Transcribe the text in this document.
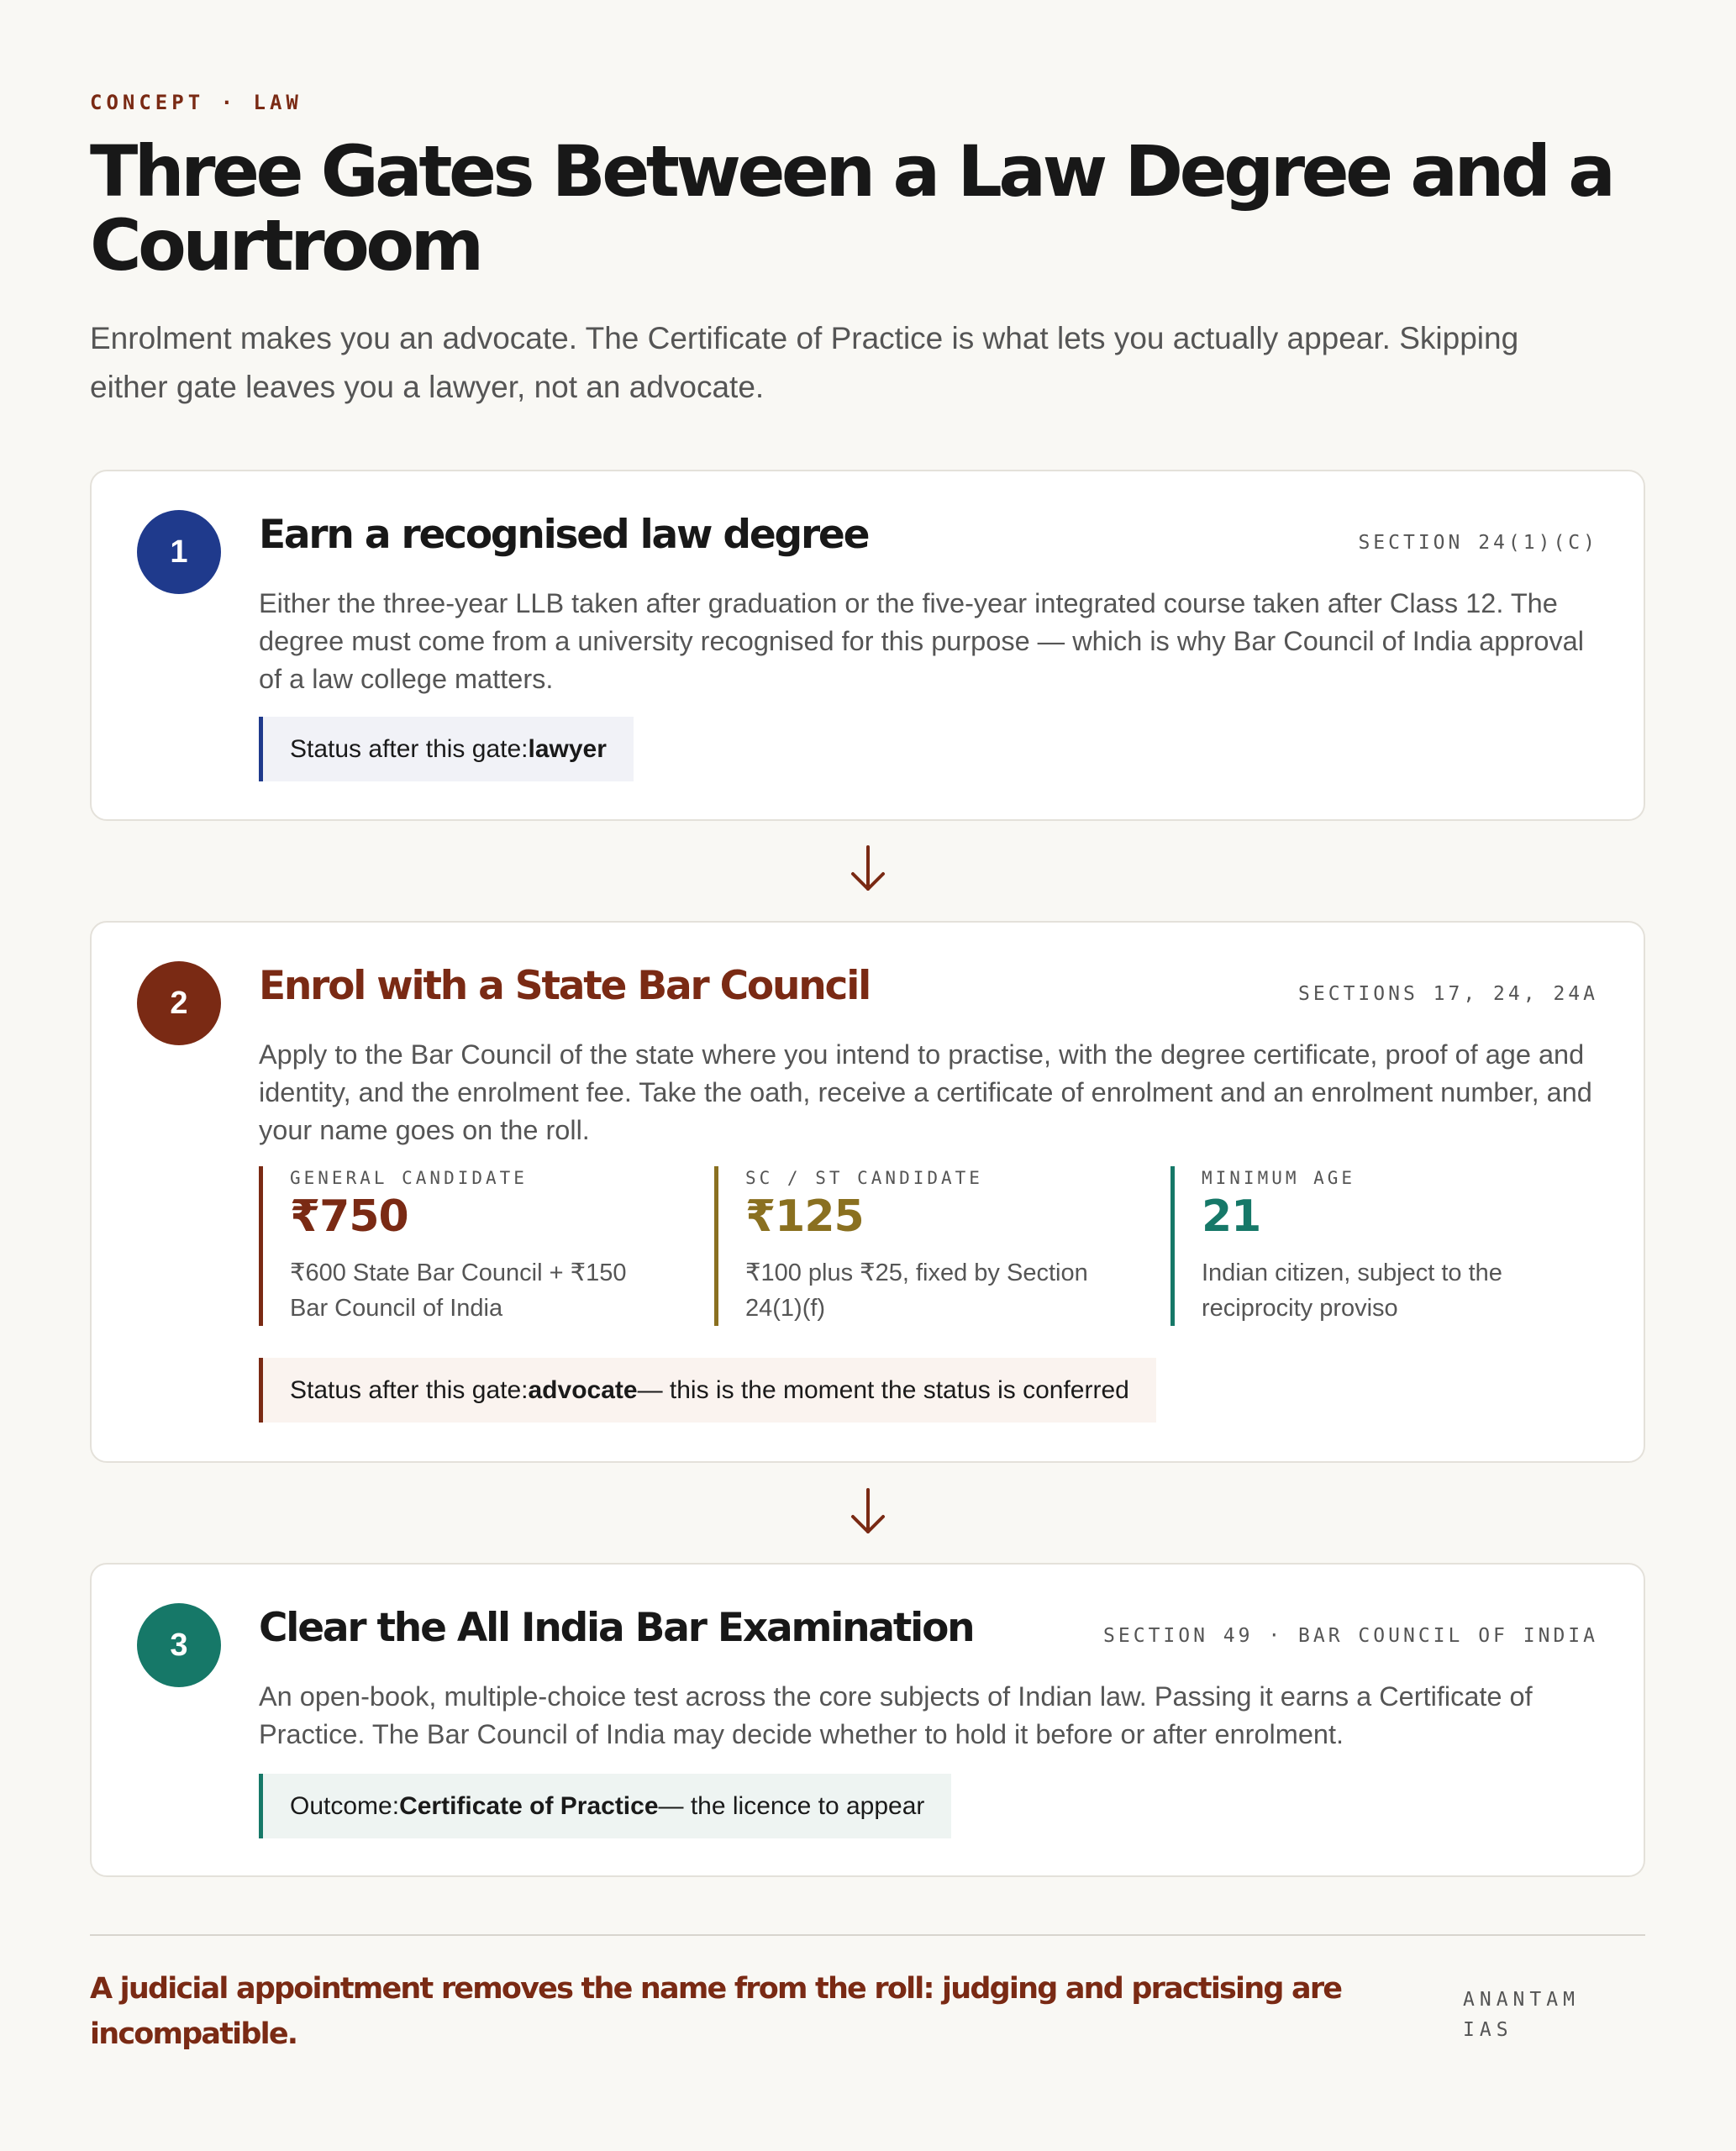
CONCEPT · LAW
Three Gates Between a Law Degree and a Courtroom

Enrolment makes you an advocate. The Certificate of Practice is what lets you actually appear. Skipping either gate leaves you a lawyer, not an advocate.

1	Earn a recognised law degree	SECTION 24(1)(C)
Either the three-year LLB taken after graduation or the five-year integrated course taken after Class 12. The degree must come from a university recognised for this purpose — which is why Bar Council of India approval of a law college matters.
Status after this gate: lawyer
2	Enrol with a State Bar Council	SECTIONS 17, 24, 24A
Apply to the Bar Council of the state where you intend to practise, with the degree certificate, proof of age and identity, and the enrolment fee. Take the oath, receive a certificate of enrolment and an enrolment number, and your name goes on the roll.
GENERAL CANDIDATE
₹750
₹600 State Bar Council + ₹150 Bar Council of India
SC / ST CANDIDATE
₹125
₹100 plus ₹25, fixed by Section 24(1)(f)
MINIMUM AGE
21
Indian citizen, subject to the reciprocity proviso
Status after this gate: advocate — this is the moment the status is conferred
3	Clear the All India Bar Examination	SECTION 49 · BAR COUNCIL OF INDIA
An open-book, multiple-choice test across the core subjects of Indian law. Passing it earns a Certificate of Practice. The Bar Council of India may decide whether to hold it before or after enrolment.
Outcome: Certificate of Practice — the licence to appear

A judicial appointment removes the name from the roll: judging and practising are incompatible.

ANANTAM IAS
